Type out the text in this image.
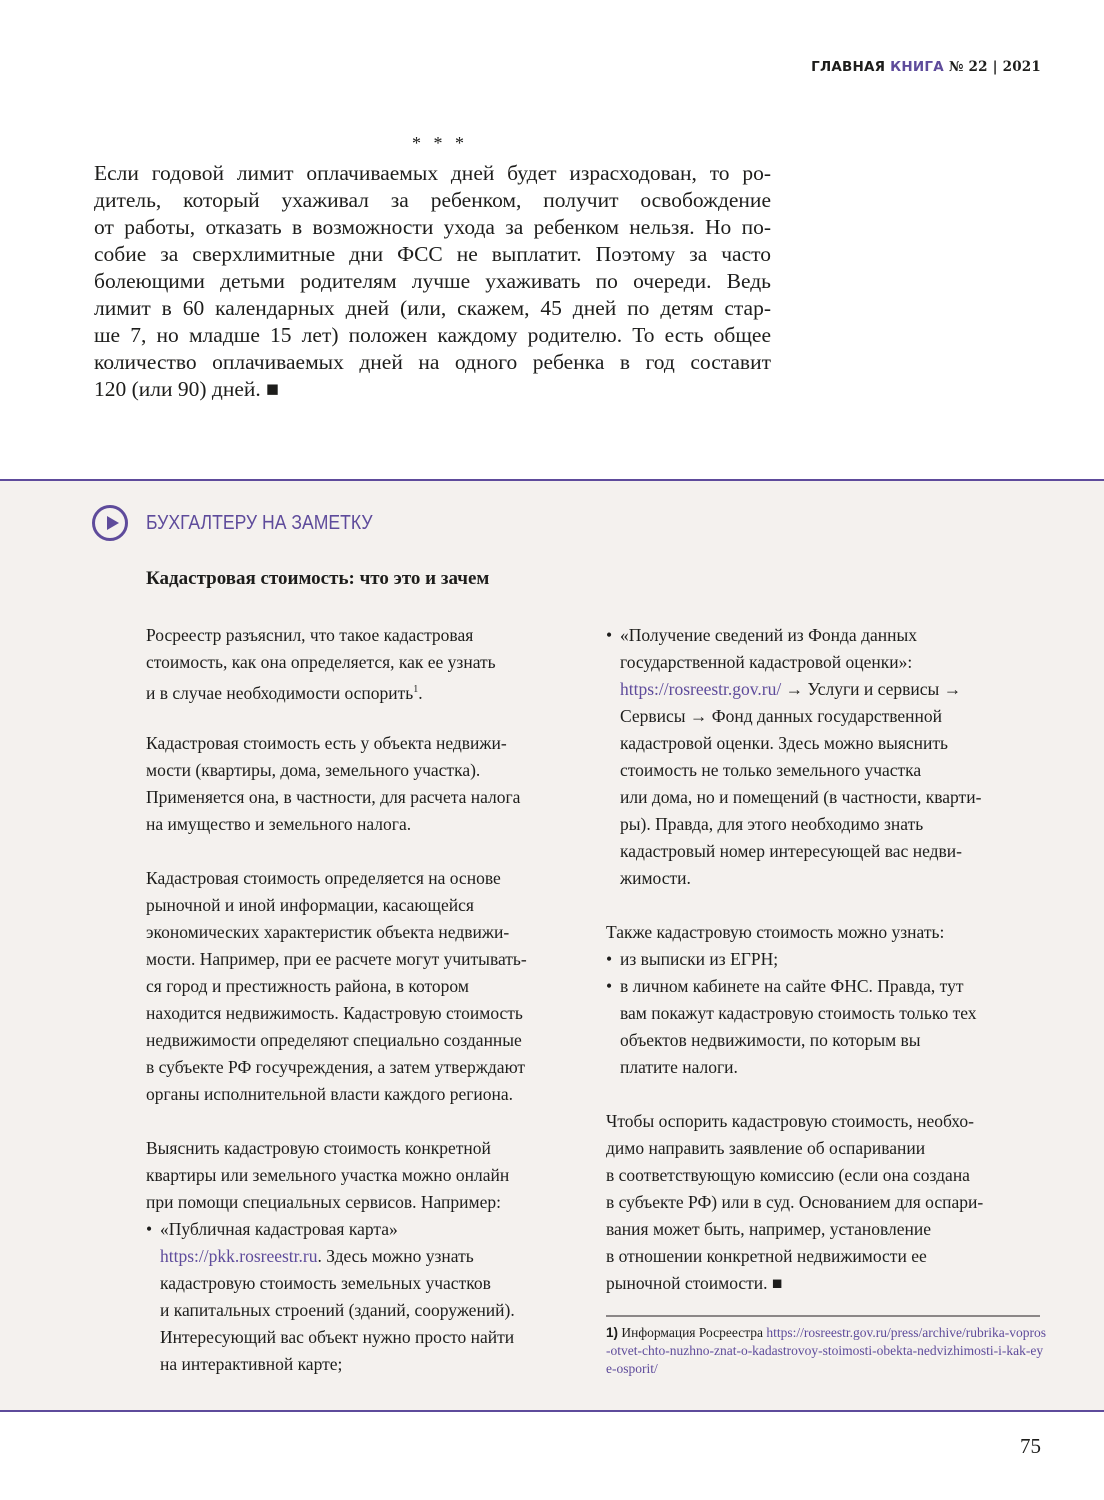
ГЛАВНАЯ КНИГА № 22 | 2021
* * *
Если годовой лимит оплачиваемых дней будет израсходован, то ро-
дитель, который ухаживал за ребенком, получит освобождение
от работы, отказать в возможности ухода за ребенком нельзя. Но по-
собие за сверхлимитные дни ФСС не выплатит. Поэтому за часто
болеющими детьми родителям лучше ухаживать по очереди. Ведь
лимит в 60 календарных дней (или, скажем, 45 дней по детям стар-
ше 7, но младше 15 лет) положен каждому родителю. То есть общее
количество оплачиваемых дней на одного ребенка в год составит
120 (или 90) дней. ■
БУХГАЛТЕРУ НА ЗАМЕТКУ
Кадастровая стоимость: что это и зачем
Росреестр разъяснил, что такое кадастровая
стоимость, как она определяется, как ее узнать
и в случае необходимости оспорить$^1$.
Кадастровая стоимость есть у объекта недвижи-
мости (квартиры, дома, земельного участка).
Применяется она, в частности, для расчета налога
на имущество и земельного налога.
Кадастровая стоимость определяется на основе
рыночной и иной информации, касающейся
экономических характеристик объекта недвижи-
мости. Например, при ее расчете могут учитывать-
ся город и престижность района, в котором
находится недвижимость. Кадастровую стоимость
недвижимости определяют специально созданные
в субъекте РФ госучреждения, а затем утверждают
органы исполнительной власти каждого региона.
Выяснить кадастровую стоимость конкретной
квартиры или земельного участка можно онлайн
при помощи специальных сервисов. Например:
• «Публичная кадастровая карта»
https://pkk.rosreestr.ru. Здесь можно узнать
кадастровую стоимость земельных участков
и капитальных строений (зданий, сооружений).
Интересующий вас объект нужно просто найти
на интерактивной карте;
• «Получение сведений из Фонда данных
государственной кадастровой оценки»:
https://rosreestr.gov.ru/ → Услуги и сервисы →
Сервисы → Фонд данных государственной
кадастровой оценки. Здесь можно выяснить
стоимость не только земельного участка
или дома, но и помещений (в частности, кварти-
ры). Правда, для этого необходимо знать
кадастровый номер интересующей вас недви-
жимости.
Также кадастровую стоимость можно узнать:
• из выписки из ЕГРН;
• в личном кабинете на сайте ФНС. Правда, тут
вам покажут кадастровую стоимость только тех
объектов недвижимости, по которым вы
платите налоги.
Чтобы оспорить кадастровую стоимость, необхо-
димо направить заявление об оспаривании
в соответствующую комиссию (если она создана
в субъекте РФ) или в суд. Основанием для оспари-
вания может быть, например, установление
в отношении конкретной недвижимости ее
рыночной стоимости. ■
1) Информация Росреестра https://rosreestr.gov.ru/press/archive/rubrika-vopros-otvet-chto-nuzhno-znat-o-kadastrovoy-stoimosti-obekta-nedvizhimosti-i-kak-eye-osporit/
75
